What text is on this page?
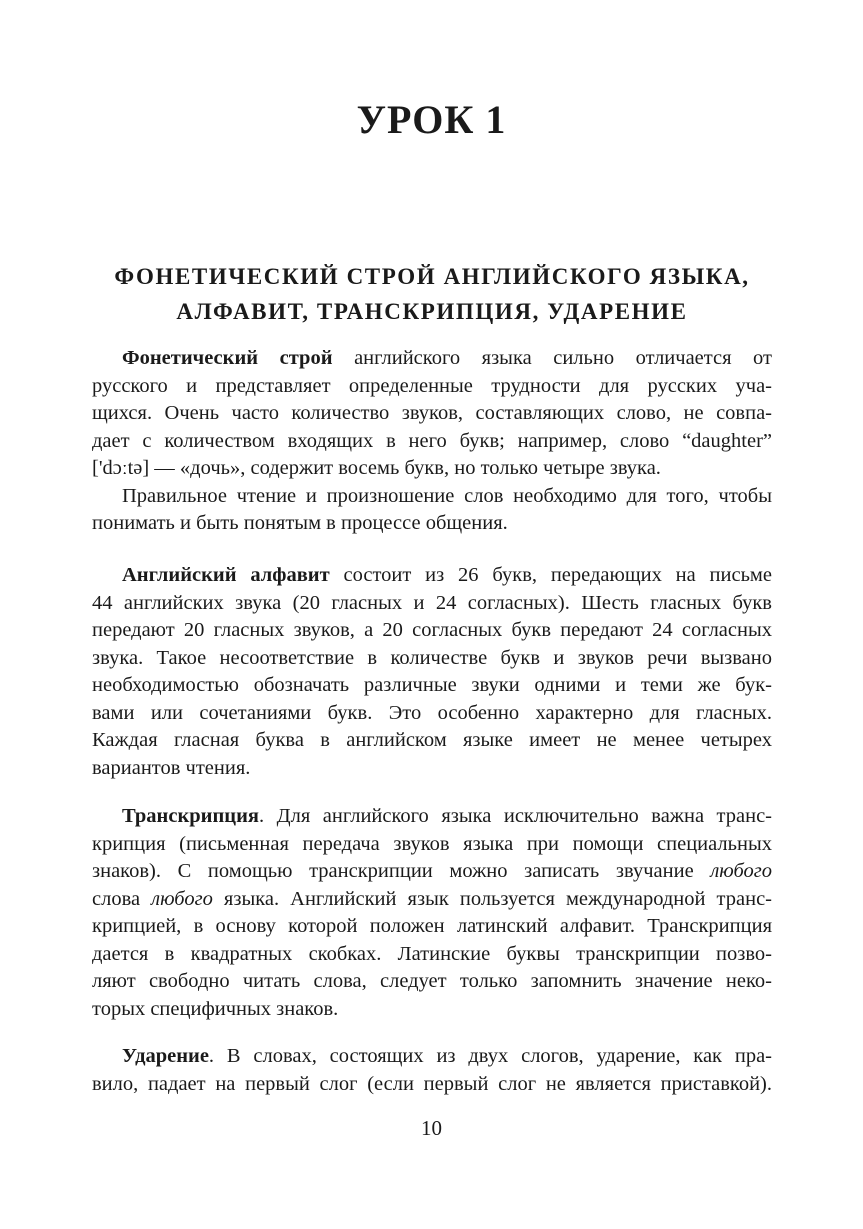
УРОК 1
ФОНЕТИЧЕСКИЙ СТРОЙ АНГЛИЙСКОГО ЯЗЫКА,
АЛФАВИТ, ТРАНСКРИПЦИЯ, УДАРЕНИЕ
Фонетический строй английского языка сильно отличается от
русского и представляет определенные трудности для русских уча-
щихся. Очень часто количество звуков, составляющих слово, не совпа-
дает с количеством входящих в него букв; например, слово “daughter”
['dɔːtə] — «дочь», содержит восемь букв, но только четыре звука.
Правильное чтение и произношение слов необходимо для того, чтобы
понимать и быть понятым в процессе общения.
Английский алфавит состоит из 26 букв, передающих на письме
44 английских звука (20 гласных и 24 согласных). Шесть гласных букв
передают 20 гласных звуков, а 20 согласных букв передают 24 согласных
звука. Такое несоответствие в количестве букв и звуков речи вызвано
необходимостью обозначать различные звуки одними и теми же бук-
вами или сочетаниями букв. Это особенно характерно для гласных.
Каждая гласная буква в английском языке имеет не менее четырех
вариантов чтения.
Транскрипция. Для английского языка исключительно важна транс-
крипция (письменная передача звуков языка при помощи специальных
знаков). С помощью транскрипции можно записать звучание любого
слова любого языка. Английский язык пользуется международной транс-
крипцией, в основу которой положен латинский алфавит. Транскрипция
дается в квадратных скобках. Латинские буквы транскрипции позво-
ляют свободно читать слова, следует только запомнить значение неко-
торых специфичных знаков.
Ударение. В словах, состоящих из двух слогов, ударение, как пра-
вило, падает на первый слог (если первый слог не является приставкой).
10
